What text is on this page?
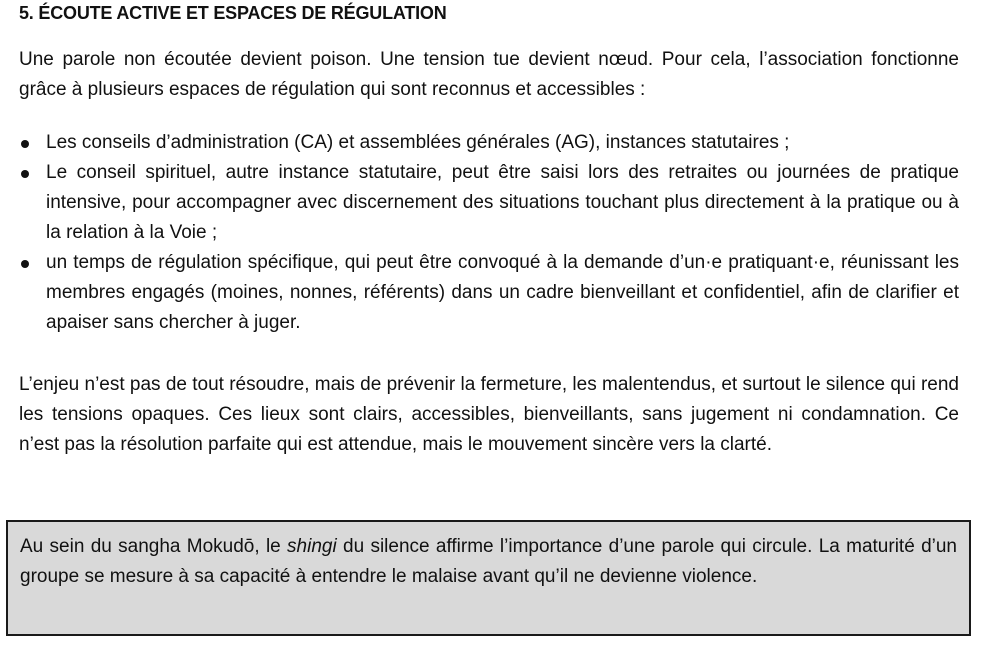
5. ÉCOUTE ACTIVE ET ESPACES DE RÉGULATION

Une parole non écoutée devient poison. Une tension tue devient nœud. Pour cela, l’association fonctionne grâce à plusieurs espaces de régulation qui sont reconnus et accessibles :

Les conseils d’administration (CA) et assemblées générales (AG), instances statutaires ;
Le conseil spirituel, autre instance statutaire, peut être saisi lors des retraites ou journées de pratique intensive, pour accompagner avec discernement des situations touchant plus directement à la pratique ou à la relation à la Voie ;
un temps de régulation spécifique, qui peut être convoqué à la demande d’un·e pratiquant·e, réunissant les membres engagés (moines, nonnes, référents) dans un cadre bienveillant et confidentiel, afin de clarifier et apaiser sans chercher à juger.

L’enjeu n’est pas de tout résoudre, mais de prévenir la fermeture, les malentendus, et surtout le silence qui rend les tensions opaques. Ces lieux sont clairs, accessibles, bienveillants, sans jugement ni condamnation. Ce n’est pas la résolution parfaite qui est attendue, mais le mouvement sincère vers la clarté.

Au sein du sangha Mokudō, le shingi du silence affirme l’importance d’une parole qui circule. La maturité d’un groupe se mesure à sa capacité à entendre le malaise avant qu’il ne devienne violence.
